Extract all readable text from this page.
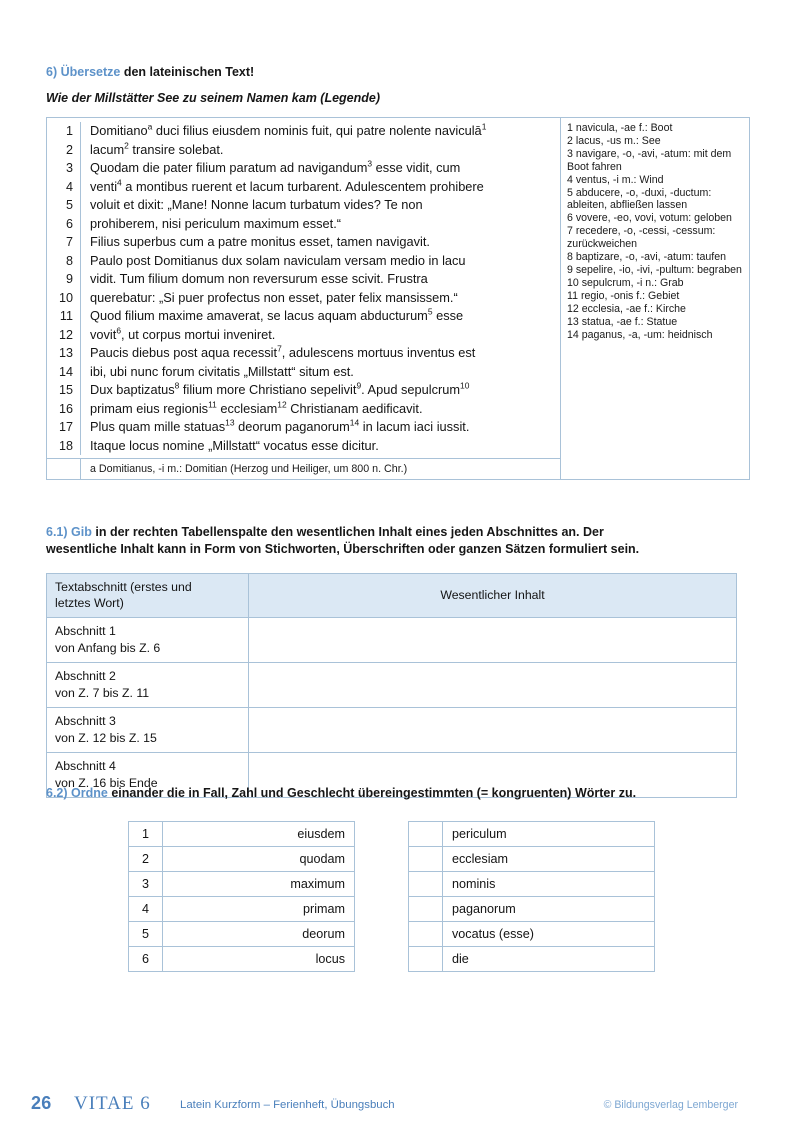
6) Übersetze den lateinischen Text!
Wie der Millstätter See zu seinem Namen kam (Legende)
1	Domitiano$^a$ duci filius eiusdem nominis fuit, qui patre nolente naviculā$^1$
2	lacum$^2$ transire solebat.
3	Quodam die pater filium paratum ad navigandum$^3$ esse vidit, cum
4	venti$^4$ a montibus ruerent et lacum turbarent. Adulescentem prohibere
5	voluit et dixit: „Mane! Nonne lacum turbatum vides? Te non
6	prohiberem, nisi periculum maximum esset.“
7	Filius superbus cum a patre monitus esset, tamen navigavit.
8	Paulo post Domitianus dux solam naviculam versam medio in lacu
9	vidit. Tum filium domum non reversurum esse scivit. Frustra
10	querebatur: „Si puer profectus non esset, pater felix mansissem.“
11	Quod filium maxime amaverat, se lacus aquam abducturum$^5$ esse
12	vovit$^6$, ut corpus mortui inveniret.
13	Paucis diebus post aqua recessit$^7$, adulescens mortuus inventus est
14	ibi, ubi nunc forum civitatis „Millstatt“ situm est.
15	Dux baptizatus$^8$ filium more Christiano sepelivit$^9$. Apud sepulcrum$^{10}$
16	primam eius regionis$^{11}$ ecclesiam$^{12}$ Christianam aedificavit.
17	Plus quam mille statuas$^{13}$ deorum paganorum$^{14}$ in lacum iaci iussit.
18	Itaque locus nomine „Millstatt“ vocatus esse dicitur.
a Domitianus, -i m.: Domitian (Herzog und Heiliger, um 800 n. Chr.)

1 navicula, -ae f.: Boot
2 lacus, -us m.: See
3 navigare, -o, -avi, -atum: mit dem Boot fahren
4 ventus, -i m.: Wind
5 abducere, -o, -duxi, -ductum: ableiten, abfließen lassen
6 vovere, -eo, vovi, votum: geloben
7 recedere, -o, -cessi, -cessum: zurückweichen
8 baptizare, -o, -avi, -atum: taufen
9 sepelire, -io, -ivi, -pultum: begraben
10 sepulcrum, -i n.: Grab
11 regio, -onis f.: Gebiet
12 ecclesia, -ae f.: Kirche
13 statua, -ae f.: Statue
14 paganus, -a, -um: heidnisch
6.1) Gib in der rechten Tabellenspalte den wesentlichen Inhalt eines jeden Abschnittes an. Der
wesentliche Inhalt kann in Form von Stichworten, Überschriften oder ganzen Sätzen formuliert sein.
Textabschnitt (erstes und
letztes Wort)	Wesentlicher Inhalt
Abschnitt 1
von Anfang bis Z. 6	

Abschnitt 2
von Z. 7 bis Z. 11	

Abschnitt 3
von Z. 12 bis Z. 15	

Abschnitt 4
von Z. 16 bis Ende	

6.2) Ordne einander die in Fall, Zahl und Geschlecht übereingestimmten (= kongruenten) Wörter zu.
1	eiusdem
2	quodam
3	maximum
4	primam
5	deorum
6	locus
	periculum
	ecclesiam
	nominis
	paganorum
	vocatus (esse)
	die
26 VITAE 6	Latein Kurzform – Ferienheft, Übungsbuch	© Bildungsverlag Lemberger
